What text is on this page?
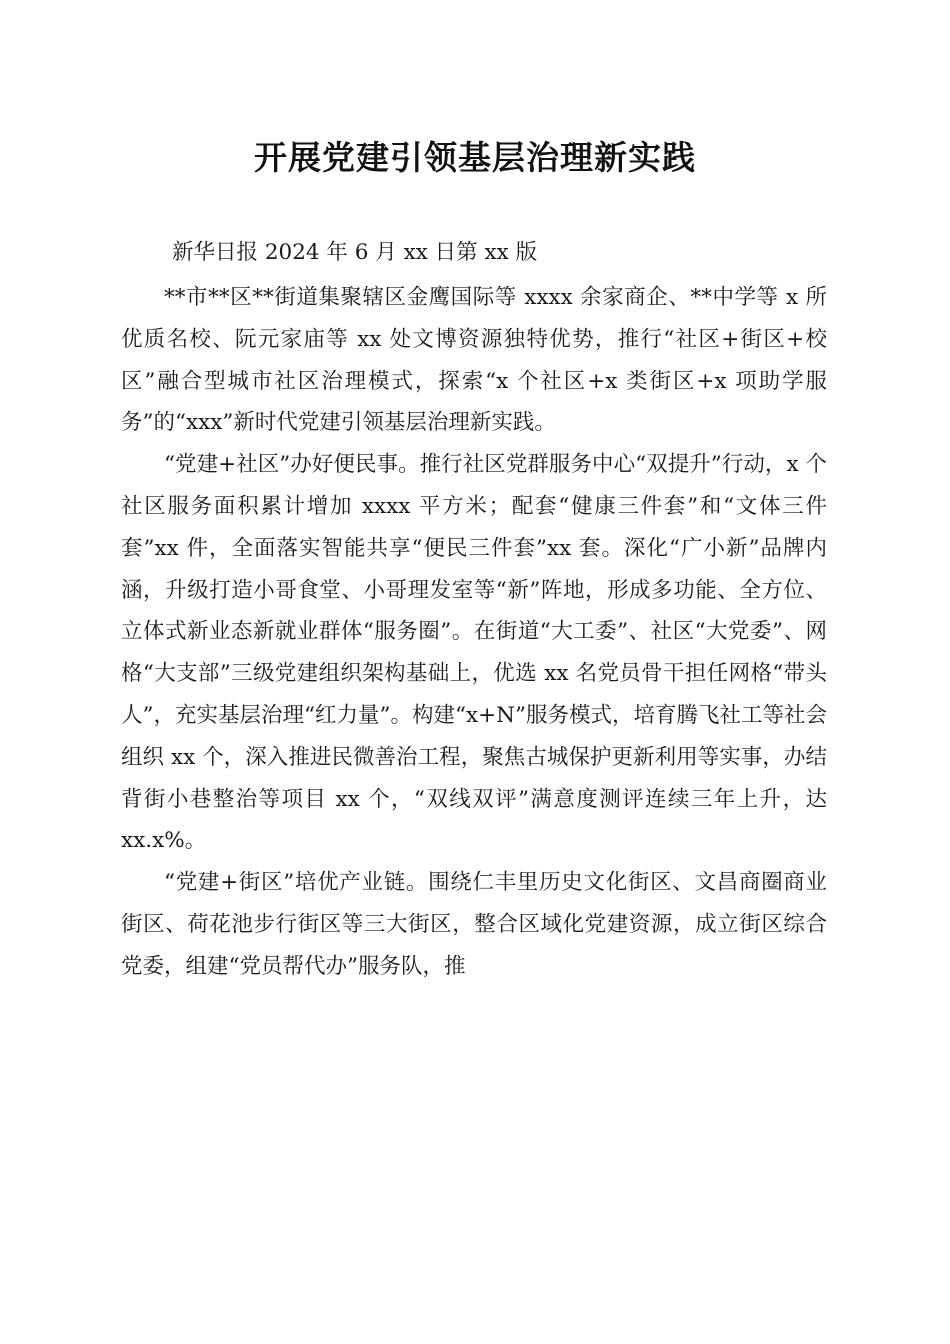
开展党建引领基层治理新实践
新华日报 2024 年 6 月 xx 日第 xx 版

**市**区**街道集聚辖区金鹰国际等 xxxx 余家商企、**中学等 x 所优质名校、阮元家庙等 xx 处文博资源独特优势，推行“社区+街区+校区”融合型城市社区治理模式，探索“x 个社区+x 类街区+x 项助学服务”的“xxx”新时代党建引领基层治理新实践。

“党建+社区”办好便民事。推行社区党群服务中心“双提升”行动，x 个社区服务面积累计增加 xxxx 平方米；配套“健康三件套”和“文体三件套”xx 件，全面落实智能共享“便民三件套”xx 套。深化“广小新”品牌内涵，升级打造小哥食堂、小哥理发室等“新”阵地，形成多功能、全方位、立体式新业态新就业群体“服务圈”。在街道“大工委”、社区“大党委”、网格“大支部”三级党建组织架构基础上，优选 xx 名党员骨干担任网格“带头人”，充实基层治理“红力量”。构建“x+N”服务模式，培育腾飞社工等社会组织 xx 个，深入推进民微善治工程，聚焦古城保护更新利用等实事，办结背街小巷整治等项目 xx 个，“双线双评”满意度测评连续三年上升，达 xx.x%。

“党建+街区”培优产业链。围绕仁丰里历史文化街区、文昌商圈商业街区、荷花池步行街区等三大街区，整合区域化党建资源，成立街区综合党委，组建“党员帮代办”服务队，推
